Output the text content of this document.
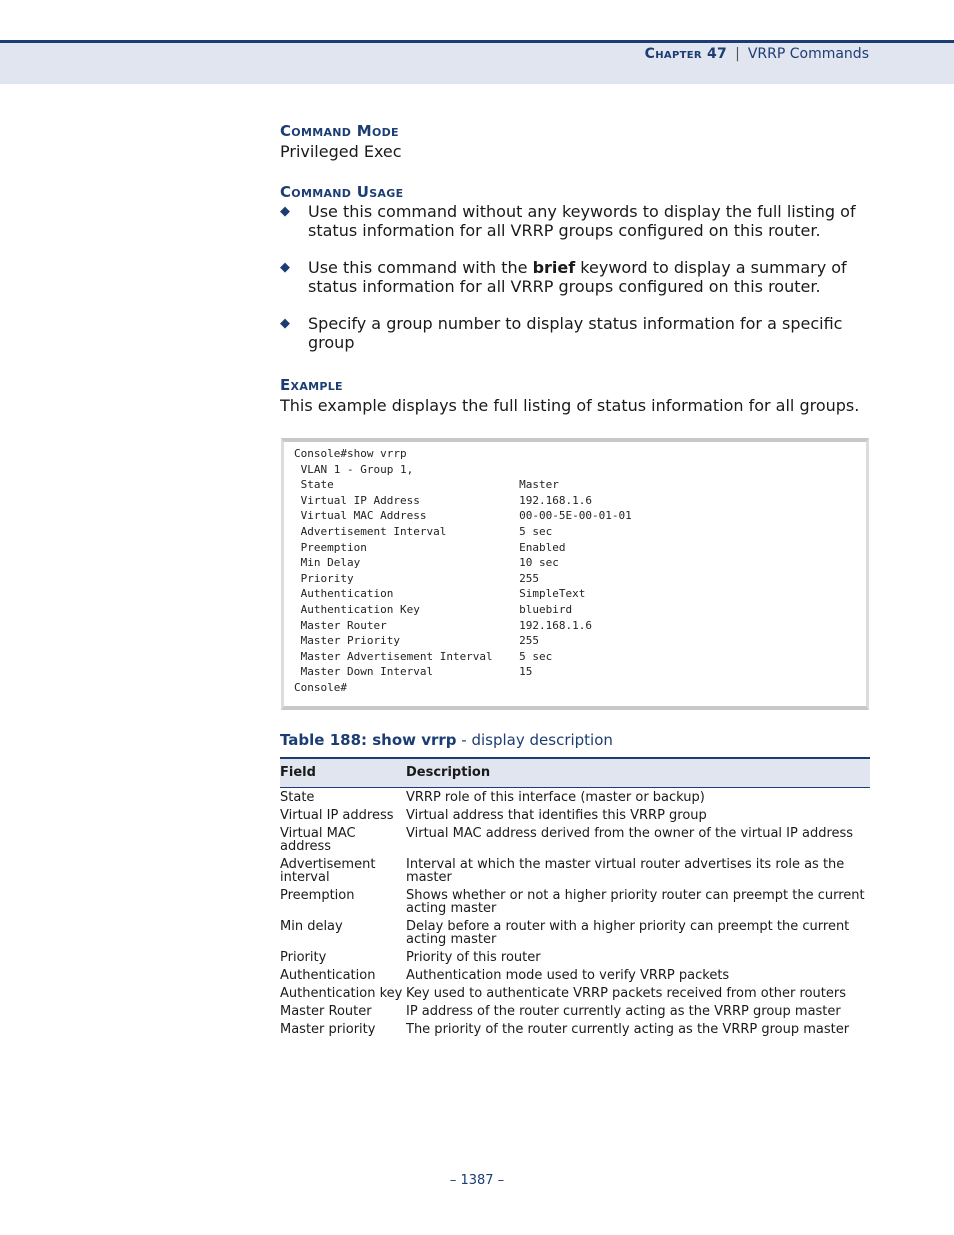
Chapter 47 | VRRP Commands
Command Mode
Privileged Exec
Command Usage
◆ Use this command without any keywords to display the full listing of status information for all VRRP groups configured on this router.
◆ Use this command with the brief keyword to display a summary of status information for all VRRP groups configured on this router.
◆ Specify a group number to display status information for a specific group
Example
This example displays the full listing of status information for all groups.
Console#show vrrp
VLAN 1 - Group 1,
State                            Master
Virtual IP Address               192.168.1.6
Virtual MAC Address              00-00-5E-00-01-01
Advertisement Interval           5 sec
Preemption                       Enabled
Min Delay                        10 sec
Priority                         255
Authentication                   SimpleText
Authentication Key               bluebird
Master Router                    192.168.1.6
Master Priority                  255
Master Advertisement Interval    5 sec
Master Down Interval             15
Console#
Table 188: show vrrp - display description
Field	Description
State	VRRP role of this interface (master or backup)
Virtual IP address	Virtual address that identifies this VRRP group
Virtual MAC address	Virtual MAC address derived from the owner of the virtual IP address
Advertisement interval	Interval at which the master virtual router advertises its role as the master
Preemption	Shows whether or not a higher priority router can preempt the current acting master
Min delay	Delay before a router with a higher priority can preempt the current acting master
Priority	Priority of this router
Authentication	Authentication mode used to verify VRRP packets
Authentication key	Key used to authenticate VRRP packets received from other routers
Master Router	IP address of the router currently acting as the VRRP group master
Master priority	The priority of the router currently acting as the VRRP group master
– 1387 –
